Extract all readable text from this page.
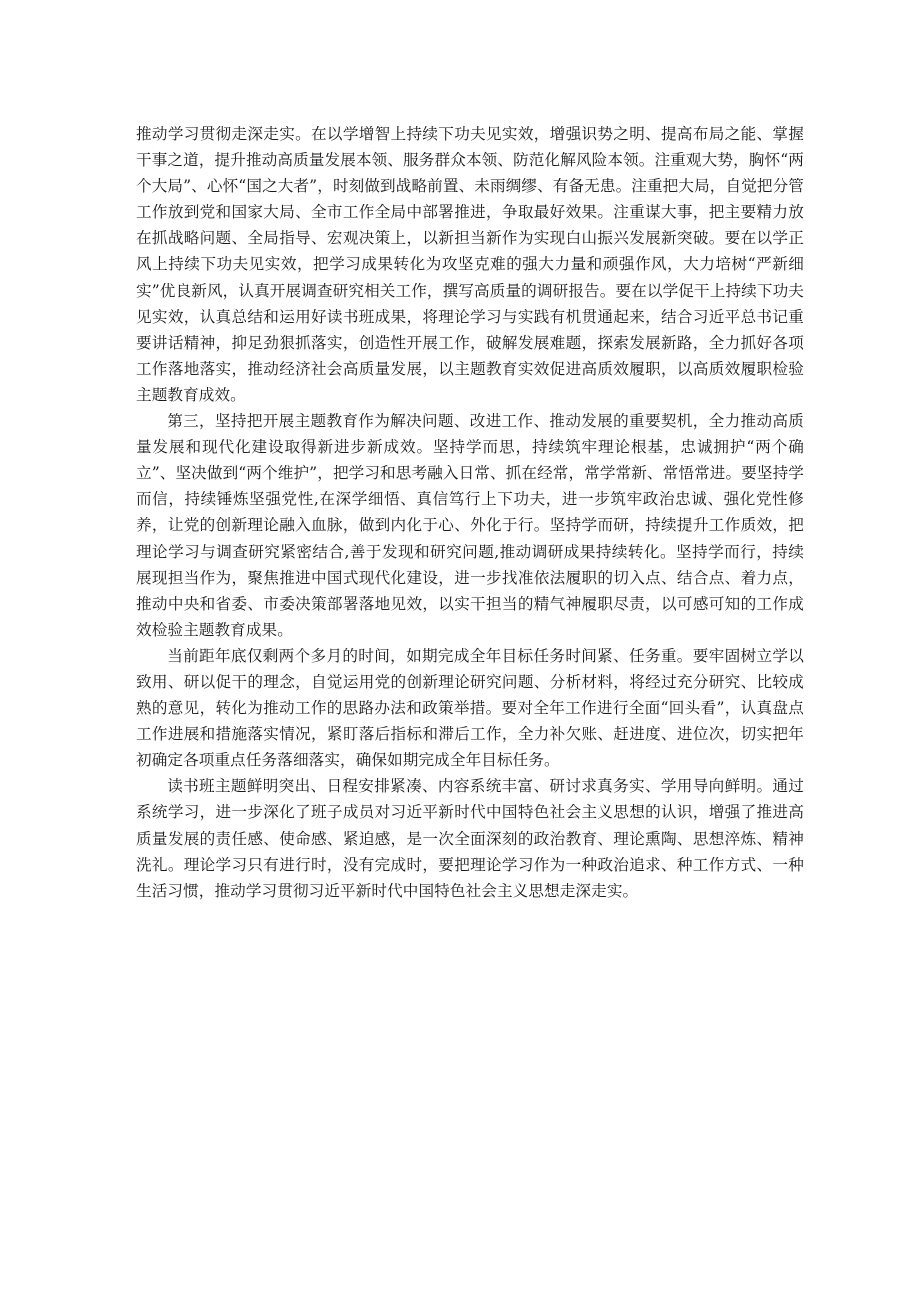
推动学习贯彻走深走实。在以学增智上持续下功夫见实效，增强识势之明、提高布局之能、掌握干事之道，提升推动高质量发展本领、服务群众本领、防范化解风险本领。注重观大势，胸怀“两个大局”、心怀“国之大者”，时刻做到战略前置、未雨绸缪、有备无患。注重把大局，自觉把分管工作放到党和国家大局、全市工作全局中部署推进，争取最好效果。注重谋大事，把主要精力放在抓战略问题、全局指导、宏观决策上，以新担当新作为实现白山振兴发展新突破。要在以学正风上持续下功夫见实效，把学习成果转化为攻坚克难的强大力量和顽强作风，大力培树“严新细实”优良新风，认真开展调查研究相关工作，撰写高质量的调研报告。要在以学促干上持续下功夫见实效，认真总结和运用好读书班成果，将理论学习与实践有机贯通起来，结合习近平总书记重要讲话精神，抑足劲狠抓落实，创造性开展工作，破解发展难题，探索发展新路，全力抓好各项工作落地落实，推动经济社会高质量发展，以主题教育实效促进高质效履职，以高质效履职检验主题教育成效。

第三，坚持把开展主题教育作为解决问题、改进工作、推动发展的重要契机，全力推动高质量发展和现代化建设取得新进步新成效。坚持学而思，持续筑牢理论根基，忠诚拥护“两个确立”、坚决做到“两个维护”，把学习和思考融入日常、抓在经常，常学常新、常悟常进。要坚持学而信，持续锤炼坚强党性,在深学细悟、真信笃行上下功夫，进一步筑牢政治忠诚、强化党性修养，让党的创新理论融入血脉，做到内化于心、外化于行。坚持学而研，持续提升工作质效，把理论学习与调查研究紧密结合,善于发现和研究问题,推动调研成果持续转化。坚持学而行，持续展现担当作为，聚焦推进中国式现代化建设，进一步找准依法履职的切入点、结合点、着力点，推动中央和省委、市委决策部署落地见效，以实干担当的精气神履职尽责，以可感可知的工作成效检验主题教育成果。

当前距年底仅剩两个多月的时间，如期完成全年目标任务时间紧、任务重。要牢固树立学以致用、研以促干的理念，自觉运用党的创新理论研究问题、分析材料，将经过充分研究、比较成熟的意见，转化为推动工作的思路办法和政策举措。要对全年工作进行全面“回头看”，认真盘点工作进展和措施落实情况，紧盯落后指标和滞后工作，全力补欠账、赶进度、进位次，切实把年初确定各项重点任务落细落实，确保如期完成全年目标任务。

读书班主题鲜明突出、日程安排紧凑、内容系统丰富、研讨求真务实、学用导向鲜明。通过系统学习，进一步深化了班子成员对习近平新时代中国特色社会主义思想的认识，增强了推进高质量发展的责任感、使命感、紧迫感，是一次全面深刻的政治教育、理论熏陶、思想淬炼、精神洗礼。理论学习只有进行时，没有完成时，要把理论学习作为一种政治追求、种工作方式、一种生活习惯，推动学习贯彻习近平新时代中国特色社会主义思想走深走实。
